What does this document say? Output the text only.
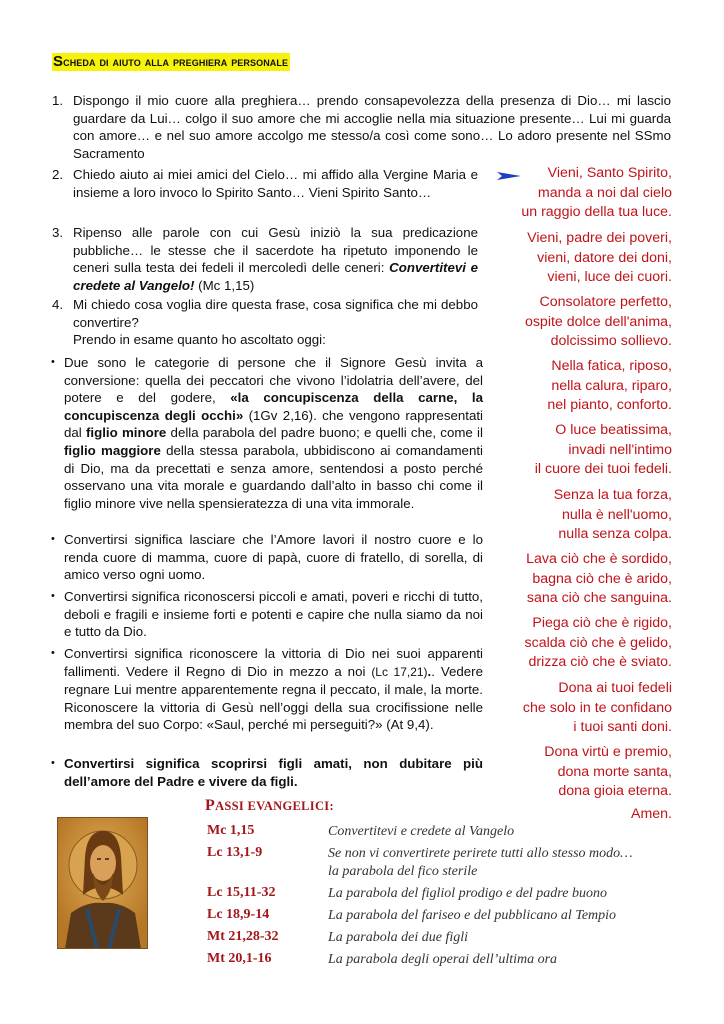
Scheda di aiuto alla preghiera personale
1. Dispongo il mio cuore alla preghiera… prendo consapevolezza della presenza di Dio… mi lascio guardare da Lui… colgo il suo amore che mi accoglie nella mia situazione presente… Lui mi guarda con amore… e nel suo amore accolgo me stesso/a così come sono… Lo adoro presente nel SSmo Sacramento

2. Chiedo aiuto ai miei amici del Cielo… mi affido alla Vergine Maria e insieme a loro invoco lo Spirito Santo… Vieni Spirito Santo…

3. Ripenso alle parole con cui Gesù iniziò la sua predicazione pubbliche… le stesse che il sacerdote ha ripetuto imponendo le ceneri sulla testa dei fedeli il mercoledì delle ceneri: Convertitevi e credete al Vangelo! (Mc 1,15)

4. Mi chiedo cosa voglia dire questa frase, cosa significa che mi debbo convertire?

Prendo in esame quanto ho ascoltato oggi:

• Due sono le categorie di persone che il Signore Gesù invita a conversione: quella dei peccatori che vivono l’idolatria dell’avere, del potere e del godere, «la concupiscenza della carne, la concupiscenza degli occhi» (1Gv 2,16). che vengono rappresentati dal figlio minore della parabola del padre buono; e quelli che, come il figlio maggiore della stessa parabola, ubbidiscono ai comandamenti di Dio, ma da precettati e senza amore, sentendosi a posto perché osservano una vita morale e guardando dall’alto in basso chi come il figlio minore vive nella spensieratezza di una vita immorale.

• Convertirsi significa lasciare che l’Amore lavori il nostro cuore e lo renda cuore di mamma, cuore di papà, cuore di fratello, di sorella, di amico verso ogni uomo.

• Convertirsi significa riconoscersi piccoli e amati, poveri e ricchi di tutto, deboli e fragili e insieme forti e potenti e capire che nulla siamo da noi e tutto da Dio.

• Convertirsi significa riconoscere la vittoria di Dio nei suoi apparenti fallimenti. Vedere il Regno di Dio in mezzo a noi (Lc 17,21).. Vedere regnare Lui mentre apparentemente regna il peccato, il male, la morte. Riconoscere la vittoria di Gesù nell’oggi della sua crocifissione nelle membra del suo Corpo: «Saul, perché mi perseguiti?» (At 9,4).

• Convertirsi significa scoprirsi figli amati, non dubitare più dell’amore del Padre e vivere da figli.

Vieni, Santo Spirito,

manda a noi dal cielo

un raggio della tua luce.

Vieni, padre dei poveri,

vieni, datore dei doni,

vieni, luce dei cuori.

Consolatore perfetto,

ospite dolce dell'anima,

dolcissimo sollievo.

Nella fatica, riposo,

nella calura, riparo,

nel pianto, conforto.

O luce beatissima,

invadi nell'intimo

il cuore dei tuoi fedeli.

Senza la tua forza,

nulla è nell'uomo,

nulla senza colpa.

Lava ciò che è sordido,

bagna ciò che è arido,

sana ciò che sanguina.

Piega ciò che è rigido,

scalda ciò che è gelido,

drizza ciò che è sviato.

Dona ai tuoi fedeli

che solo in te confidano

i tuoi santi doni.

Dona virtù e premio,

dona morte santa,

dona gioia eterna.

Amen.

PASSI EVANGELICI:
Mc 1,15	Convertitevi e credete al Vangelo
Lc 13,1-9	Se non vi convertirete perirete tutti allo stesso modo…
la parabola del fico sterile
Lc 15,11-32	La parabola del figliol prodigo e del padre buono
Lc 18,9-14	La parabola del fariseo e del pubblicano al Tempio
Mt 21,28-32	La parabola dei due figli
Mt 20,1-16	La parabola degli operai dell’ultima ora
